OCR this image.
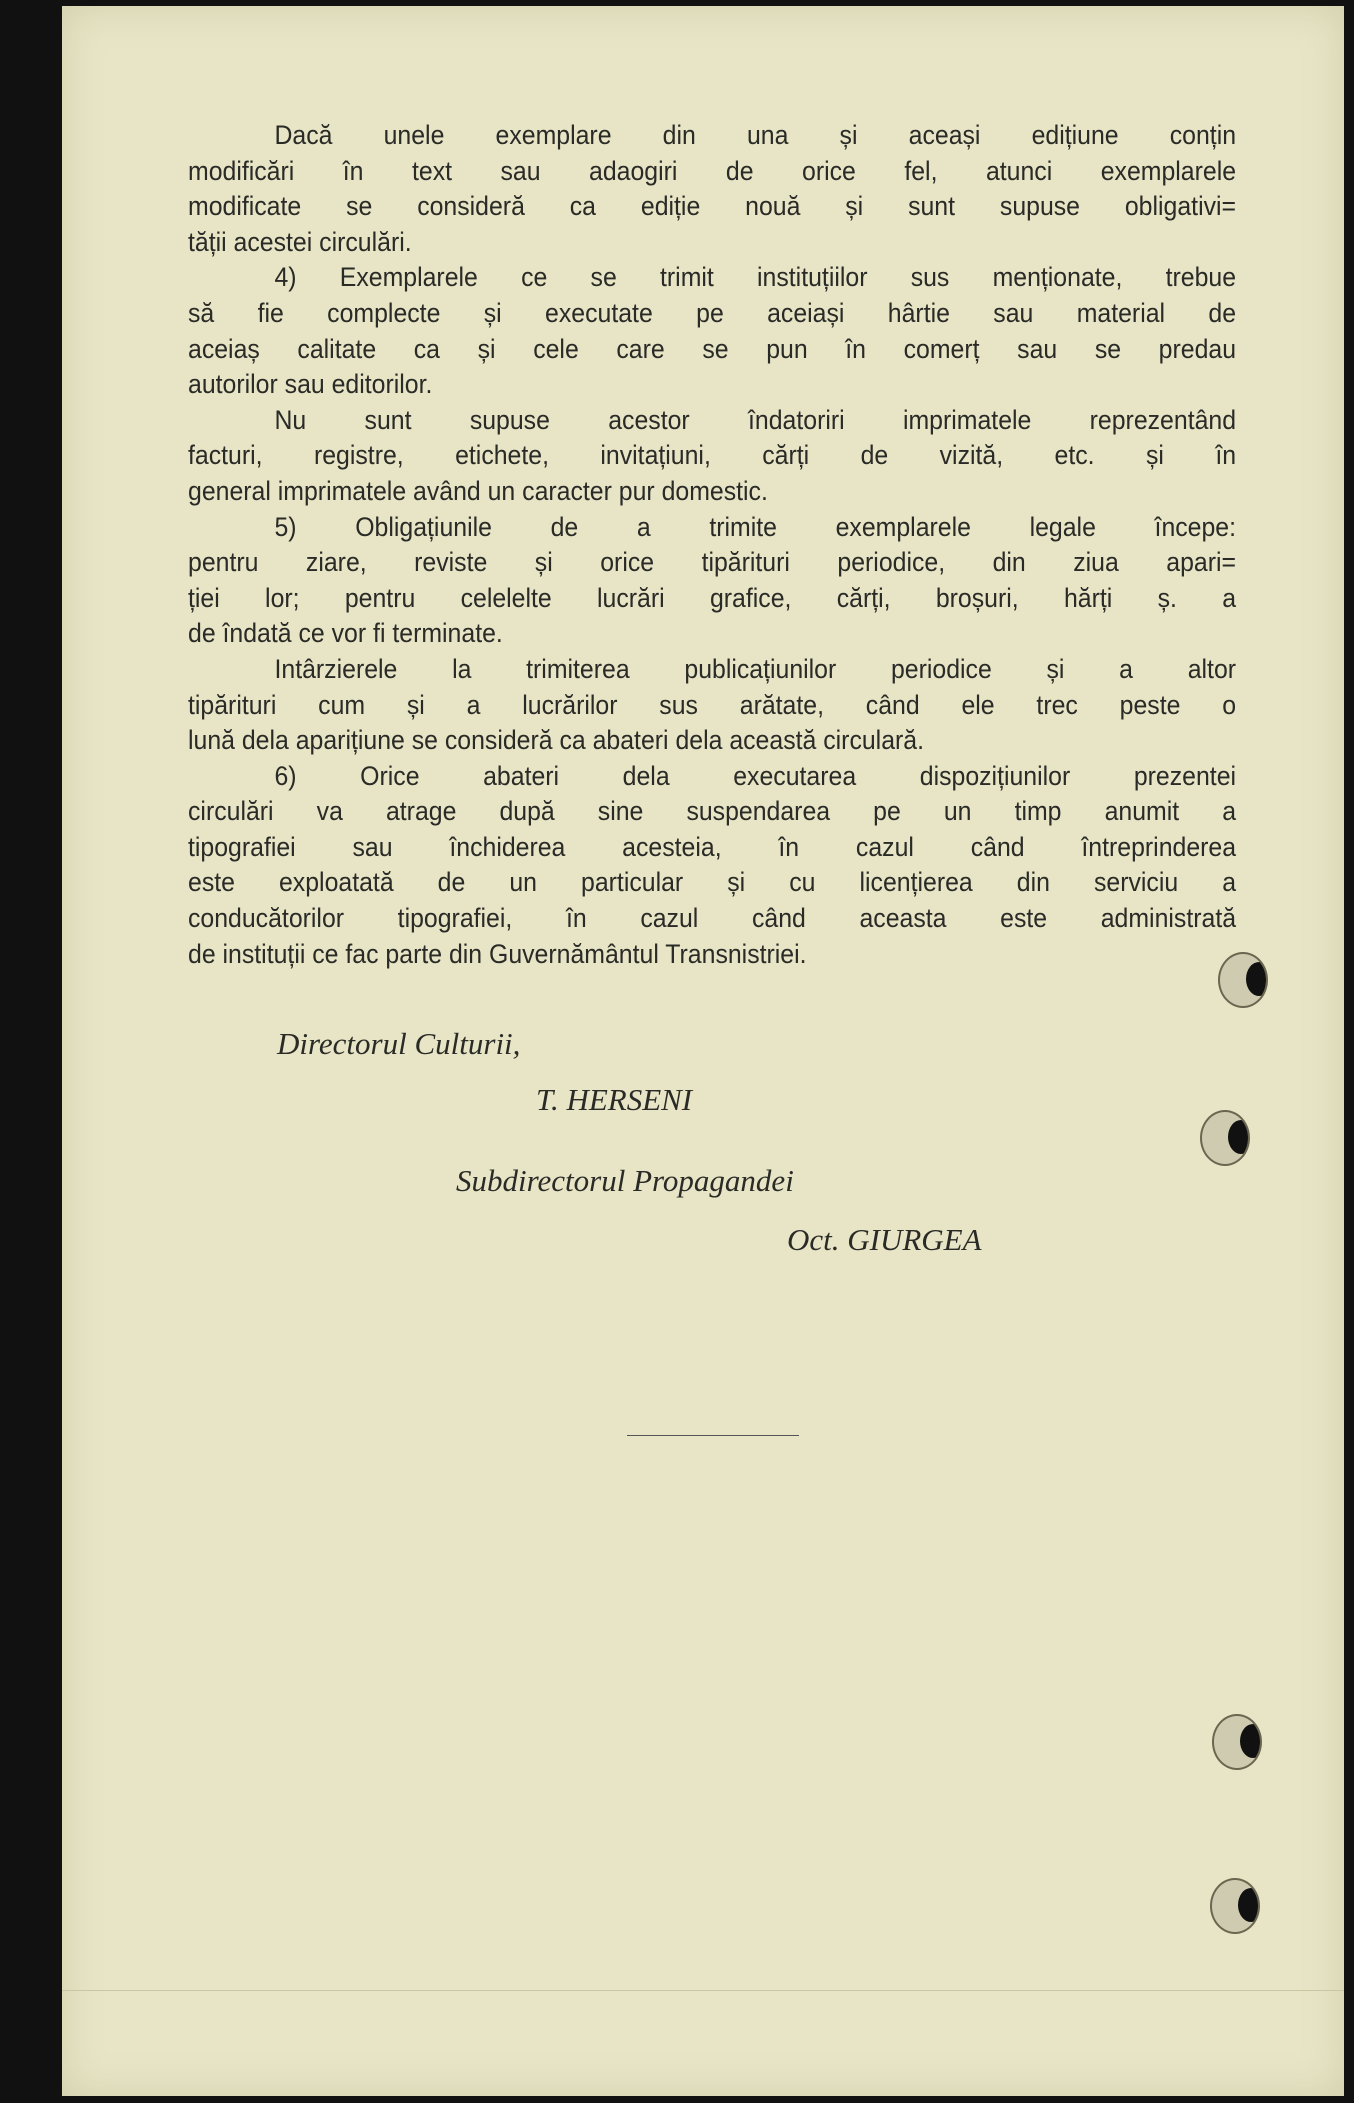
Dacă unele exemplare din una și aceași edițiune conțin
modificări în text sau adaogiri de orice fel, atunci exemplarele
modificate se consideră ca ediție nouă și sunt supuse obligativi=
tății acestei circulări.
4) Exemplarele ce se trimit instituțiilor sus menționate, trebue
să fie complecte și executate pe aceiași hârtie sau material de
aceiaș calitate ca și cele care se pun în comerț sau se predau
autorilor sau editorilor.
Nu sunt supuse acestor îndatoriri imprimatele reprezentând
facturi, registre, etichete, invitațiuni, cărți de vizită, etc. și în
general imprimatele având un caracter pur domestic.
5) Obligațiunile de a trimite exemplarele legale începe:
pentru ziare, reviste și orice tipărituri periodice, din ziua apari=
ției lor; pentru celelelte lucrări grafice, cărți, broșuri, hărți ș. a
de îndată ce vor fi terminate.
Intârzierele la trimiterea publicațiunilor periodice și a altor
tipărituri cum și a lucrărilor sus arătate, când ele trec peste o
lună dela aparițiune se consideră ca abateri dela această circulară.
6) Orice abateri dela executarea dispozițiunilor prezentei
circulări va atrage după sine suspendarea pe un timp anumit a
tipografiei sau închiderea acesteia, în cazul când întreprinderea
este exploatată de un particular și cu licențierea din serviciu a
conducătorilor tipografiei, în cazul când aceasta este administrată
de instituții ce fac parte din Guvernământul Transnistriei.
Directorul Culturii,
T. HERSENI
Subdirectorul Propagandei
Oct. GIURGEA
